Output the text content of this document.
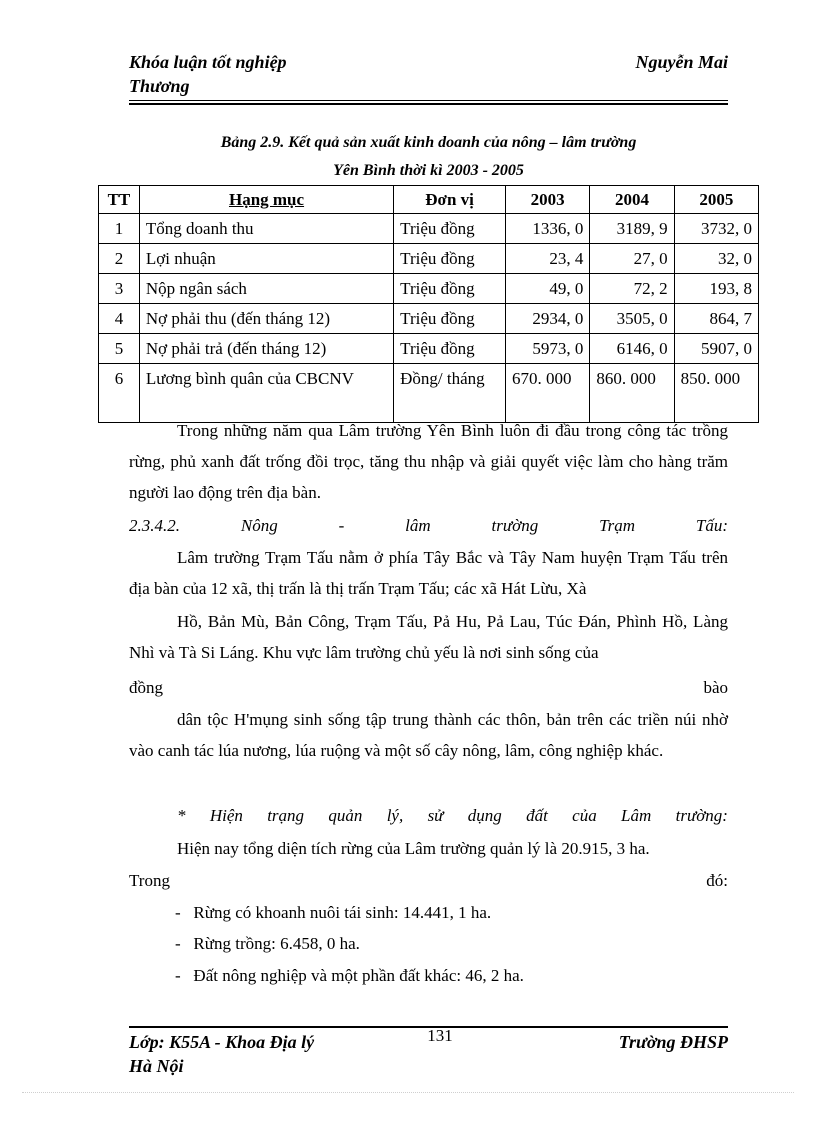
Khóa luận tốt nghiệp
Thương
Nguyễn Mai
Bảng 2.9. Kết quả sản xuất kinh doanh của nông – lâm trường
Yên Bình thời kì 2003 - 2005
TT	Hạng mục	Đơn vị	2003	2004	2005
1	Tổng doanh thu	Triệu đồng	1336, 0	3189, 9	3732, 0
2	Lợi nhuận	Triệu đồng	23, 4	27, 0	32, 0
3	Nộp ngân sách	Triệu đồng	49, 0	72, 2	193, 8
4	Nợ phải thu (đến tháng 12)	Triệu đồng	2934, 0	3505, 0	864, 7
5	Nợ phải trả (đến tháng 12)	Triệu đồng	5973, 0	6146, 0	5907, 0
6	Lương bình quân của CBCNV	Đồng/ tháng	670. 000	860. 000	850. 000
Trong những năm qua Lâm trường Yên Bình luôn đi đầu trong công tác trồng rừng, phủ xanh đất trống đồi trọc, tăng thu nhập và giải quyết việc làm cho hàng trăm người lao động trên địa bàn.
2.3.4.2.	Nông	-	lâm	trường	Trạm	Tấu:
Lâm trường Trạm Tấu nằm ở phía Tây Bắc và Tây Nam huyện Trạm Tấu trên địa bàn của 12 xã, thị trấn là thị trấn Trạm Tấu; các xã Hát Lừu, Xà
Hồ, Bản Mù, Bản Công, Trạm Tấu, Pả Hu, Pả Lau, Túc Đán, Phình Hồ, Làng Nhì và Tà Si Láng. Khu vực lâm trường chủ yếu là nơi sinh sống của
đồng	bào
dân tộc H'mụng sinh sống tập trung thành các thôn, bản trên các triền núi nhờ vào canh tác lúa nương, lúa ruộng và một số cây nông, lâm, công nghiệp khác.
* Hiện trạng quản lý, sử dụng đất của Lâm trường:
Hiện nay tổng diện tích rừng của Lâm trường quản lý là 20.915, 3 ha.
Trong	đó:
- Rừng có khoanh nuôi tái sinh: 14.441, 1 ha.
- Rừng trồng: 6.458, 0 ha.
- Đất nông nghiệp và một phần đất khác: 46, 2 ha.
Lớp: K55A - Khoa Địa lý
Hà Nội
131	Trường ĐHSP
